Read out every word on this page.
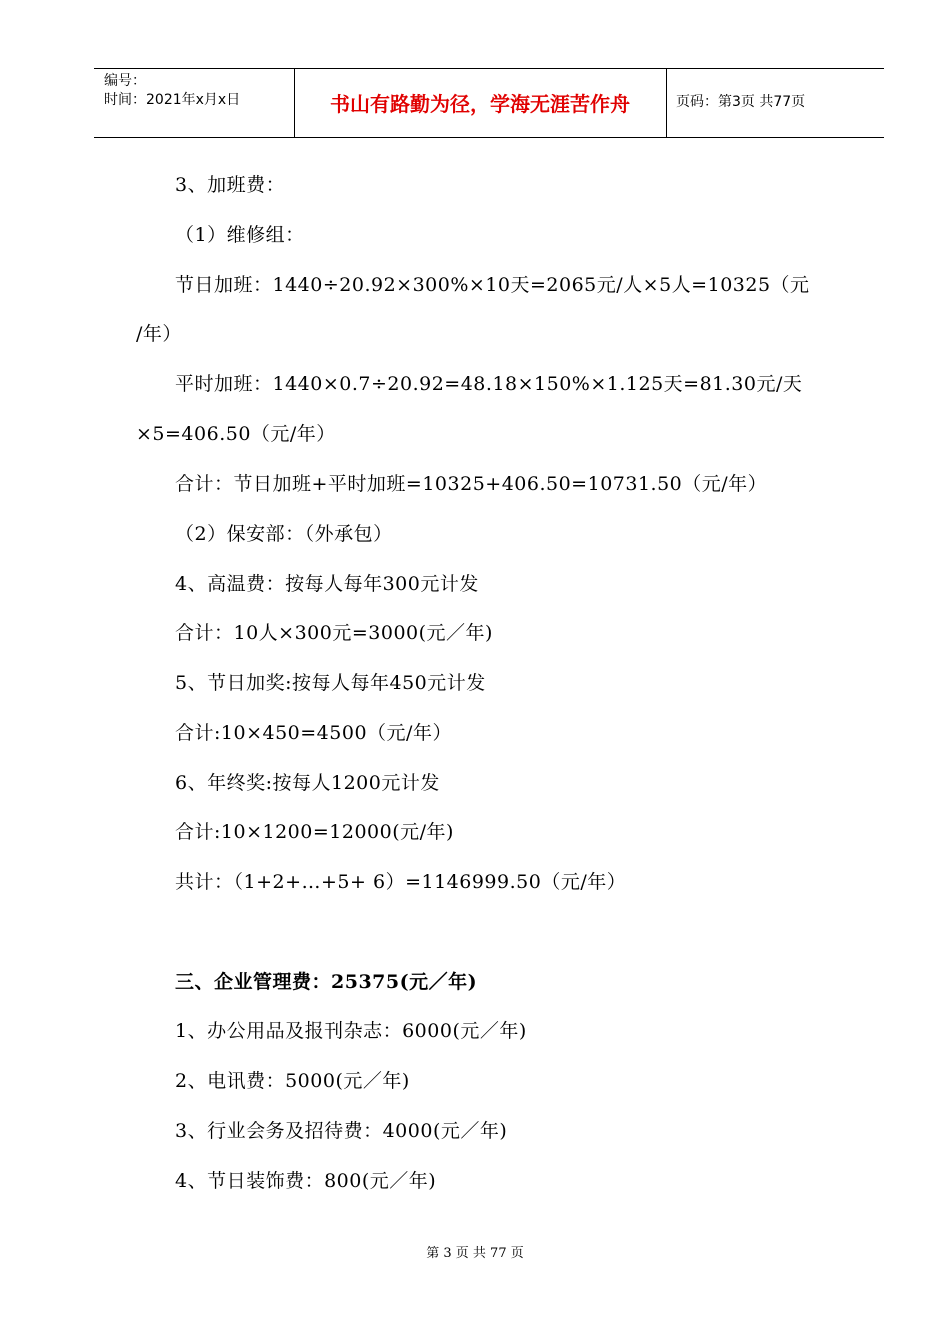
编号：
时间：2021年x月x日	书山有路勤为径，学海无涯苦作舟	页码：第3页 共77页
3、加班费：
（1）维修组：
节日加班：1440÷20.92×300%×10天=2065元/人×5人=10325（元
/年）
平时加班：1440×0.7÷20.92=48.18×150%×1.125天=81.30元/天
×5=406.50（元/年）
合计：节日加班+平时加班=10325+406.50=10731.50（元/年）
（2）保安部：（外承包）
4、高温费：按每人每年300元计发
合计：10人×300元=3000(元／年)
5、节日加奖:按每人每年450元计发
合计:10×450=4500（元/年）
6、年终奖:按每人1200元计发
合计:10×1200=12000(元/年)
共计：（1+2+…+5+ 6）=1146999.50（元/年）
三、企业管理费：25375(元／年)
1、办公用品及报刊杂志：6000(元／年)
2、电讯费：5000(元／年)
3、行业会务及招待费：4000(元／年)
4、节日装饰费：800(元／年)
第 3 页 共 77 页
